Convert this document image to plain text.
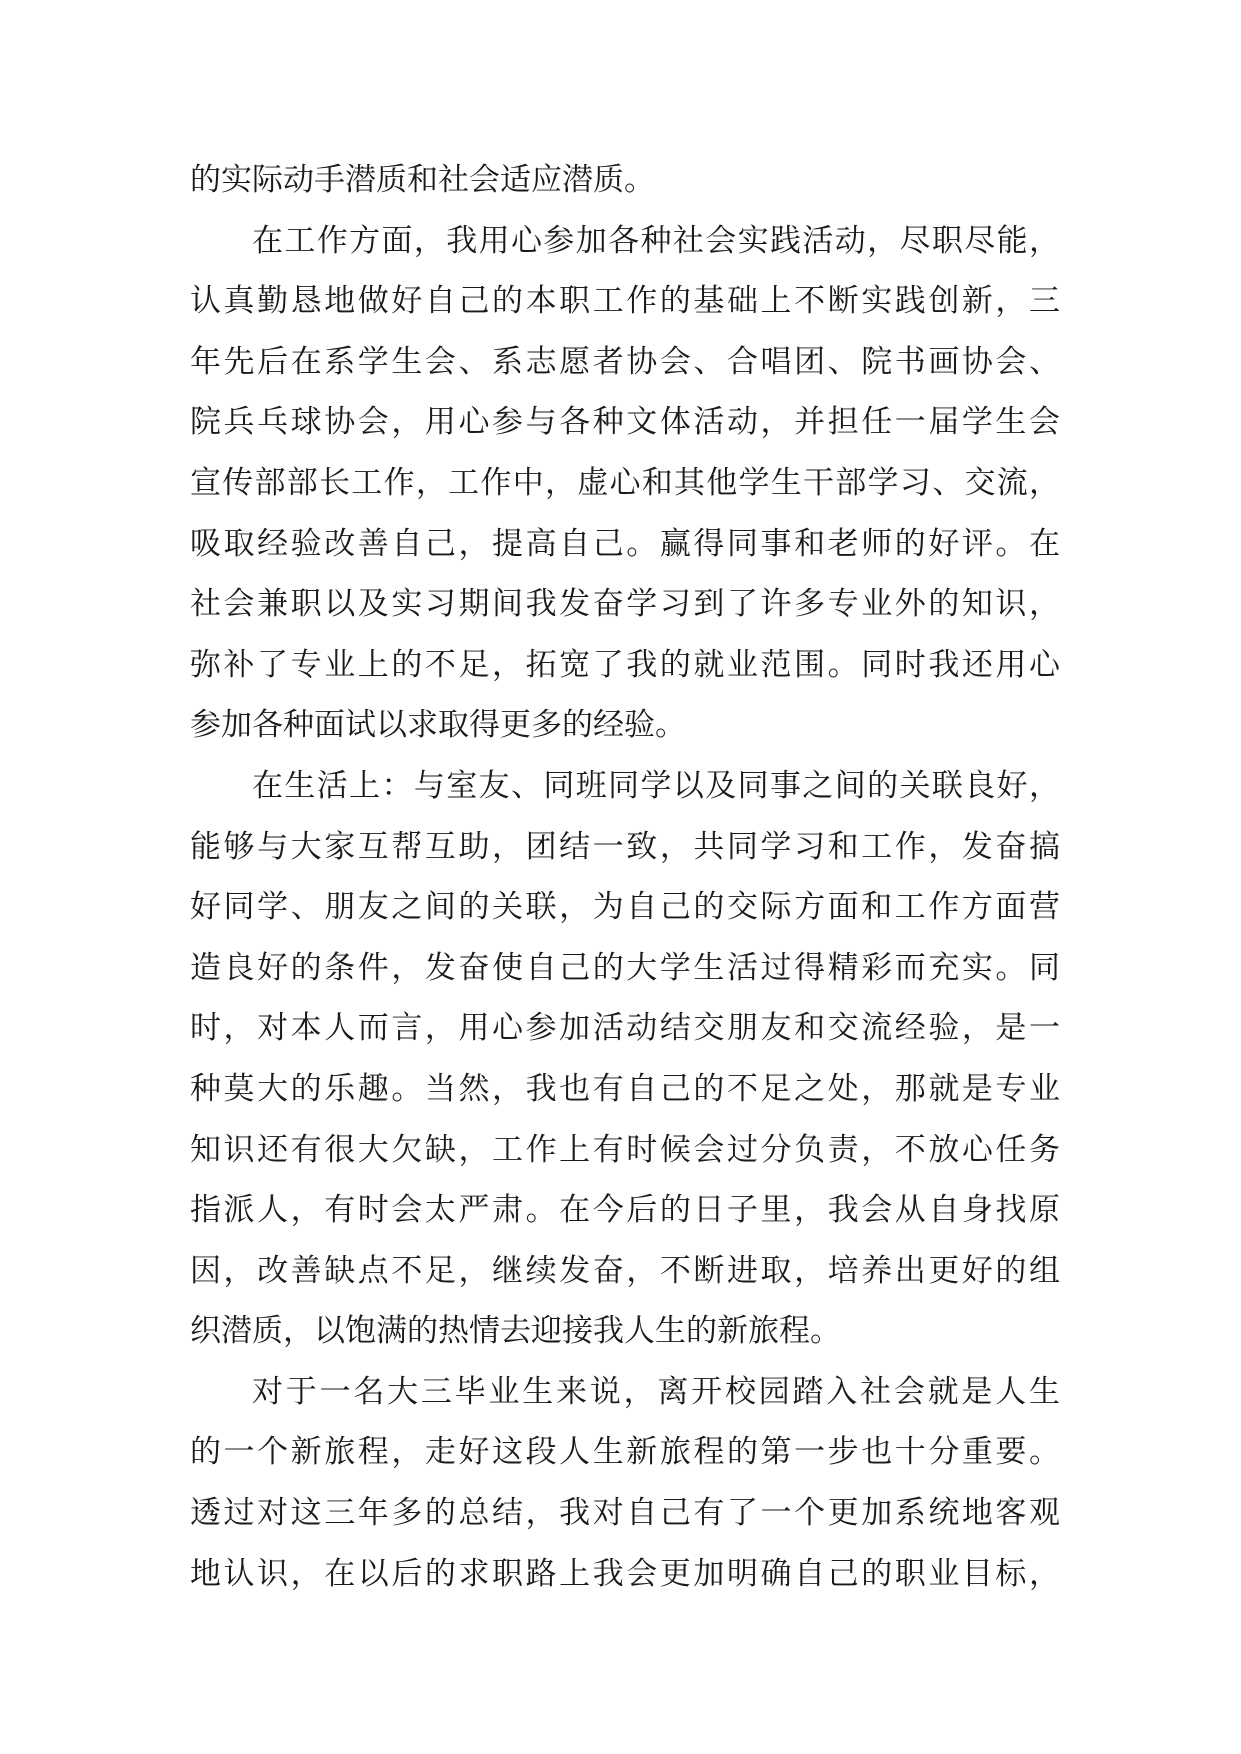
的实际动手潜质和社会适应潜质。
在工作方面，我用心参加各种社会实践活动，尽职尽能，
认真勤恳地做好自己的本职工作的基础上不断实践创新，三
年先后在系学生会、系志愿者协会、合唱团、院书画协会、
院兵乓球协会，用心参与各种文体活动，并担任一届学生会
宣传部部长工作，工作中，虚心和其他学生干部学习、交流，
吸取经验改善自己，提高自己。赢得同事和老师的好评。在
社会兼职以及实习期间我发奋学习到了许多专业外的知识，
弥补了专业上的不足，拓宽了我的就业范围。同时我还用心
参加各种面试以求取得更多的经验。
在生活上：与室友、同班同学以及同事之间的关联良好，
能够与大家互帮互助，团结一致，共同学习和工作，发奋搞
好同学、朋友之间的关联，为自己的交际方面和工作方面营
造良好的条件，发奋使自己的大学生活过得精彩而充实。同
时，对本人而言，用心参加活动结交朋友和交流经验，是一
种莫大的乐趣。当然，我也有自己的不足之处，那就是专业
知识还有很大欠缺，工作上有时候会过分负责，不放心任务
指派人，有时会太严肃。在今后的日子里，我会从自身找原
因，改善缺点不足，继续发奋，不断进取，培养出更好的组
织潜质，以饱满的热情去迎接我人生的新旅程。
对于一名大三毕业生来说，离开校园踏入社会就是人生
的一个新旅程，走好这段人生新旅程的第一步也十分重要。
透过对这三年多的总结，我对自己有了一个更加系统地客观
地认识，在以后的求职路上我会更加明确自己的职业目标，
